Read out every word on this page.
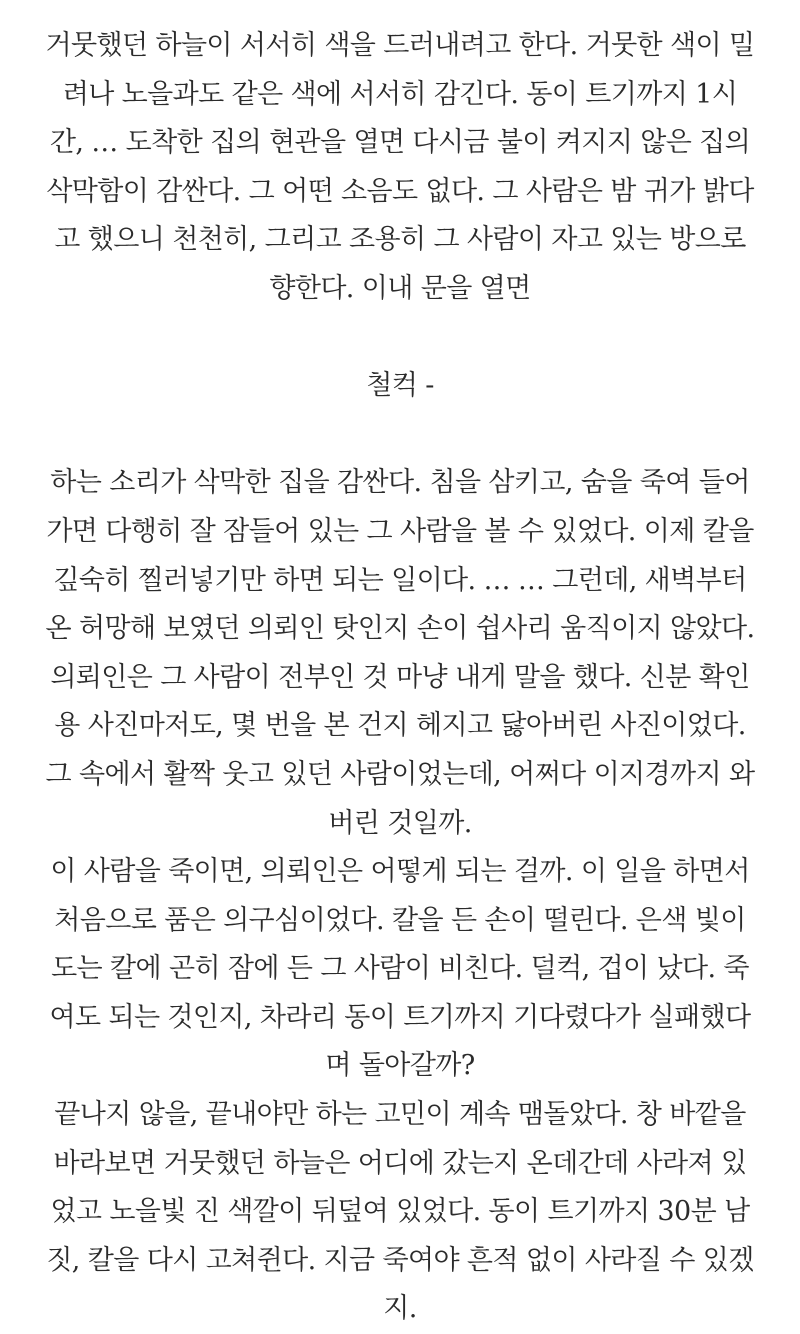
거뭇했던 하늘이 서서히 색을 드러내려고 한다. 거뭇한 색이 밀
려나 노을과도 같은 색에 서서히 감긴다. 동이 트기까지 1시
간, … 도착한 집의 현관을 열면 다시금 불이 켜지지 않은 집의
삭막함이 감싼다. 그 어떤 소음도 없다. 그 사람은 밤 귀가 밝다
고 했으니 천천히, 그리고 조용히 그 사람이 자고 있는 방으로
향한다. 이내 문을 열면
철컥 -
하는 소리가 삭막한 집을 감싼다. 침을 삼키고, 숨을 죽여 들어
가면 다행히 잘 잠들어 있는 그 사람을 볼 수 있었다. 이제 칼을
깊숙히 찔러넣기만 하면 되는 일이다. … … 그런데, 새벽부터
온 허망해 보였던 의뢰인 탓인지 손이 쉽사리 움직이지 않았다.
의뢰인은 그 사람이 전부인 것 마냥 내게 말을 했다. 신분 확인
용 사진마저도, 몇 번을 본 건지 헤지고 닳아버린 사진이었다.
그 속에서 활짝 웃고 있던 사람이었는데, 어쩌다 이지경까지 와
버린 것일까.
이 사람을 죽이면, 의뢰인은 어떻게 되는 걸까. 이 일을 하면서
처음으로 품은 의구심이었다. 칼을 든 손이 떨린다. 은색 빛이
도는 칼에 곤히 잠에 든 그 사람이 비친다. 덜컥, 겁이 났다. 죽
여도 되는 것인지, 차라리 동이 트기까지 기다렸다가 실패했다
며 돌아갈까?
끝나지 않을, 끝내야만 하는 고민이 계속 맴돌았다. 창 바깥을
바라보면 거뭇했던 하늘은 어디에 갔는지 온데간데 사라져 있
었고 노을빛 진 색깔이 뒤덮여 있었다. 동이 트기까지 30분 남
짓, 칼을 다시 고쳐쥔다. 지금 죽여야 흔적 없이 사라질 수 있겠
지.
